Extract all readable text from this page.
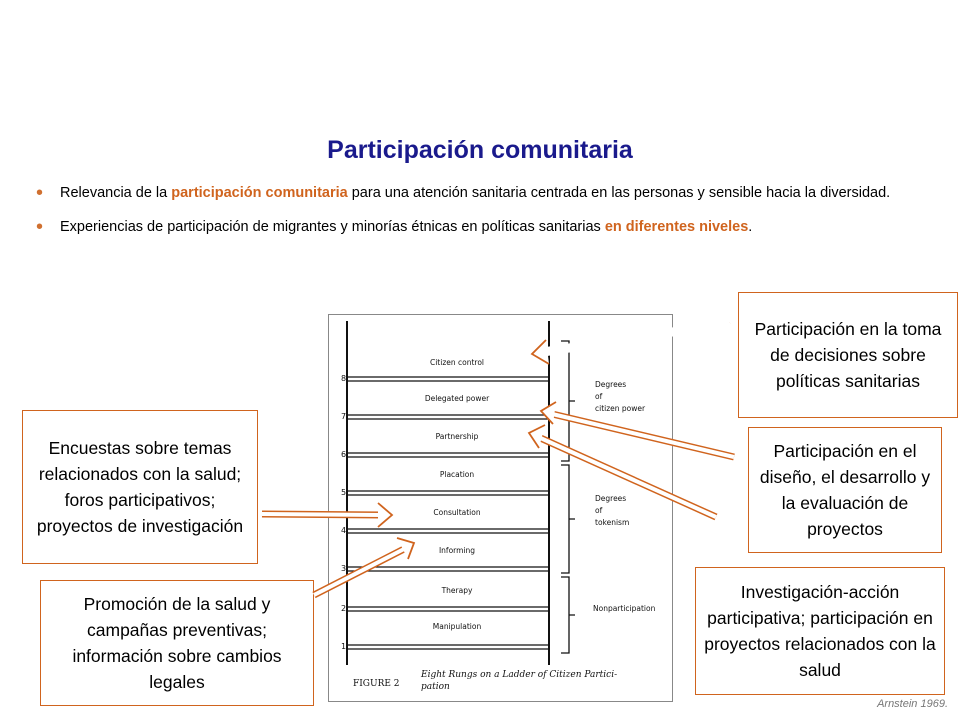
Participación comunitaria
• Relevancia de la participación comunitaria para una atención sanitaria centrada en las personas y sensible hacia la diversidad.
• Experiencias de participación de migrantes y minorías étnicas en políticas sanitarias en diferentes niveles.
Citizen control
Delegated power
Partnership
Placation
Consultation
Informing
Therapy
Manipulation
8
7
6
5
4
3
2
1
Degrees
of
citizen power
Degrees
of
tokenism
Nonparticipation
FIGURE 2
Eight Rungs on a Ladder of Citizen Partici-
pation
Participación en la toma de decisiones sobre políticas sanitarias
Participación en el diseño, el desarrollo y la evaluación de proyectos
Investigación-acción participativa; participación en proyectos relacionados con la salud
Encuestas sobre temas relacionados con la salud; foros participativos; proyectos de investigación
Promoción de la salud y campañas preventivas; información sobre cambios legales
Arnstein 1969.
